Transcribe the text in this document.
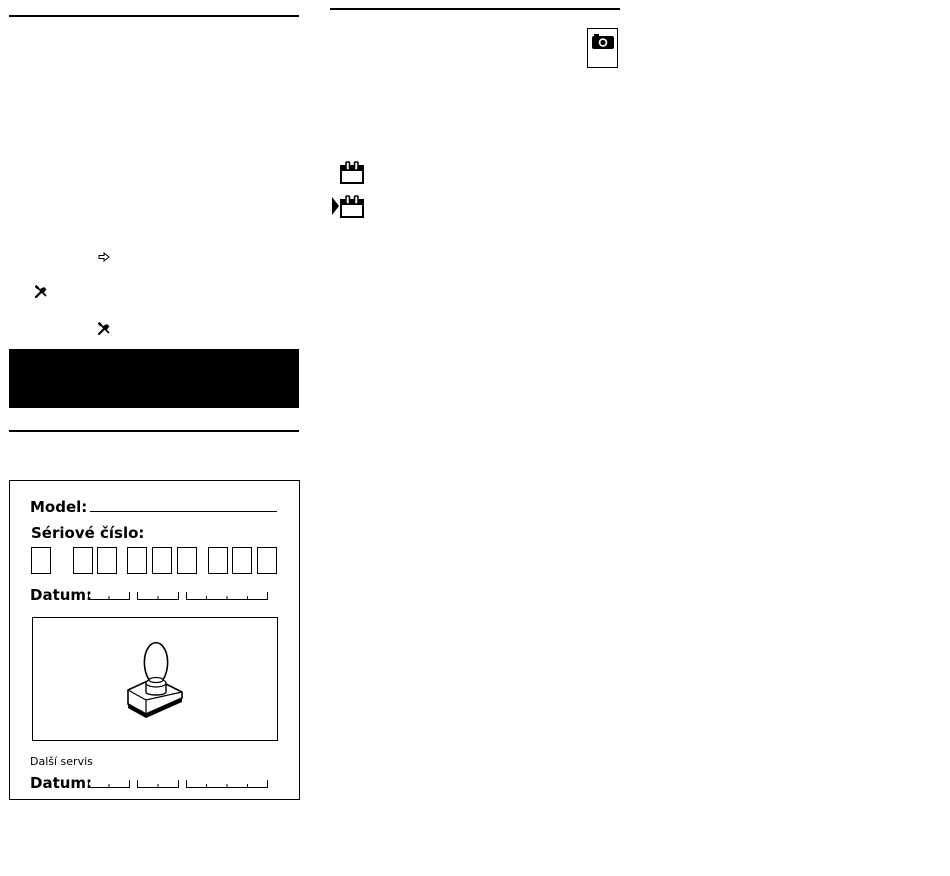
Model:
Sériové číslo:
Datum:
Další servis
Datum:
